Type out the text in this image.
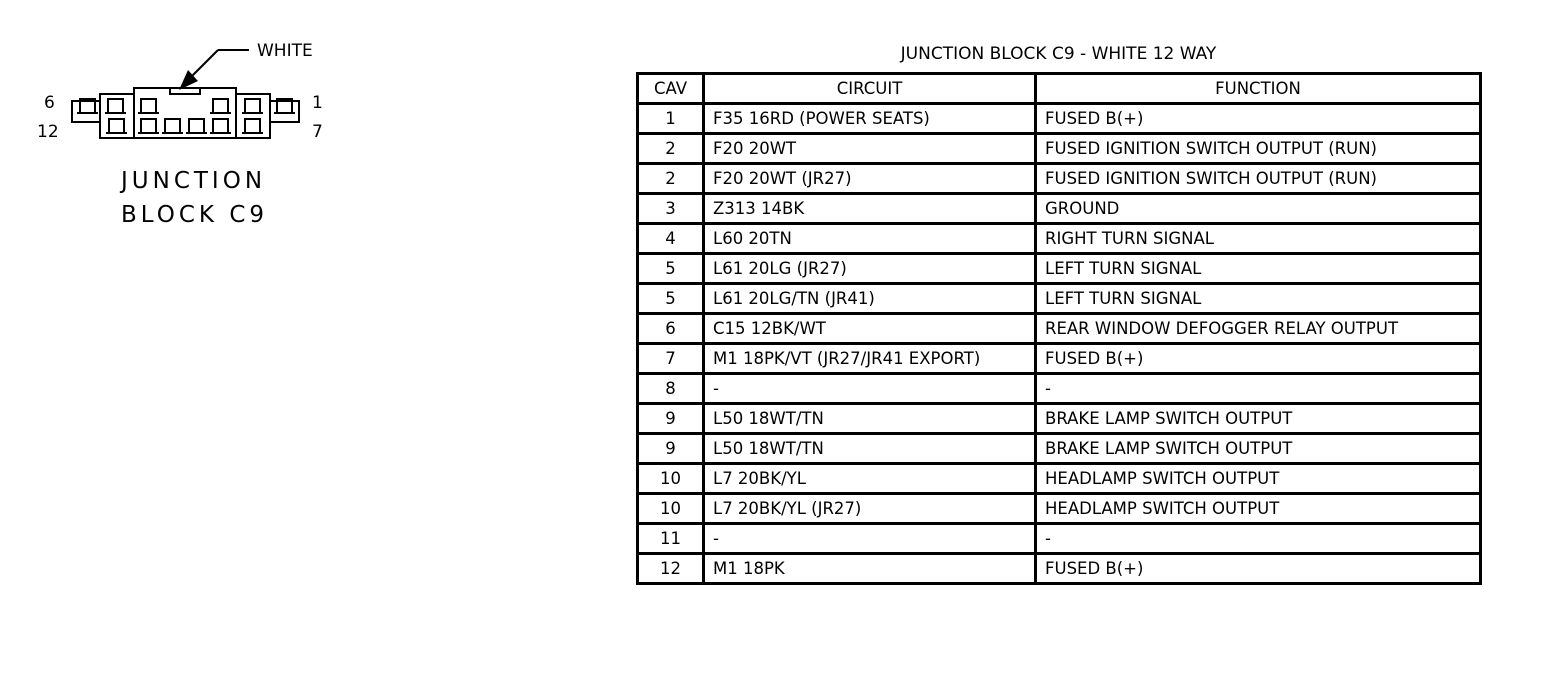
WHITE
6
12
1
7
JUNCTION
BLOCK C9
JUNCTION BLOCK C9 - WHITE 12 WAY
CAV	CIRCUIT	FUNCTION
1	F35 16RD (POWER SEATS)	FUSED B(+)
2	F20 20WT	FUSED IGNITION SWITCH OUTPUT (RUN)
2	F20 20WT (JR27)	FUSED IGNITION SWITCH OUTPUT (RUN)
3	Z313 14BK	GROUND
4	L60 20TN	RIGHT TURN SIGNAL
5	L61 20LG (JR27)	LEFT TURN SIGNAL
5	L61 20LG/TN (JR41)	LEFT TURN SIGNAL
6	C15 12BK/WT	REAR WINDOW DEFOGGER RELAY OUTPUT
7	M1 18PK/VT (JR27/JR41 EXPORT)	FUSED B(+)
8	-	-
9	L50 18WT/TN	BRAKE LAMP SWITCH OUTPUT
9	L50 18WT/TN	BRAKE LAMP SWITCH OUTPUT
10	L7 20BK/YL	HEADLAMP SWITCH OUTPUT
10	L7 20BK/YL (JR27)	HEADLAMP SWITCH OUTPUT
11	-	-
12	M1 18PK	FUSED B(+)
